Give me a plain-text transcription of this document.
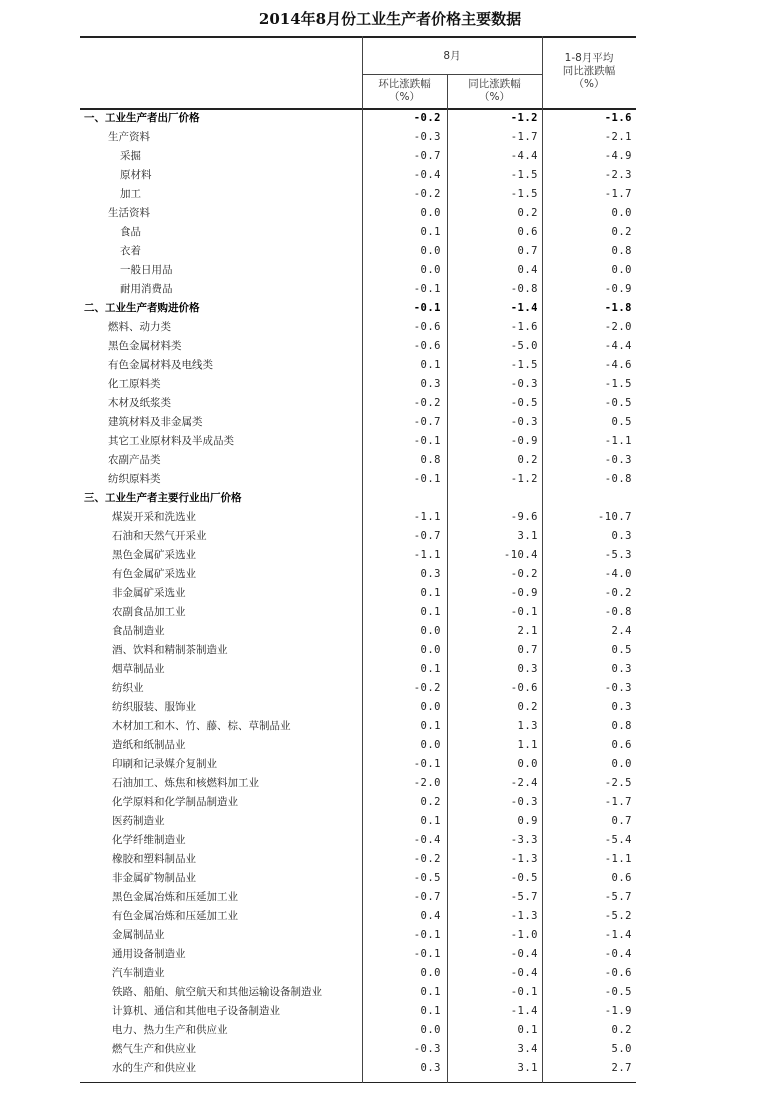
2014年8月份工业生产者价格主要数据
8月
环比涨跌幅
（%）
同比涨跌幅
（%）
1-8月平均
同比涨跌幅
（%）
一、工业生产者出厂价格	-0.2	-1.2	-1.6
生产资料	-0.3	-1.7	-2.1
采掘	-0.7	-4.4	-4.9
原材料	-0.4	-1.5	-2.3
加工	-0.2	-1.5	-1.7
生活资料	0.0	0.2	0.0
食品	0.1	0.6	0.2
衣着	0.0	0.7	0.8
一般日用品	0.0	0.4	0.0
耐用消费品	-0.1	-0.8	-0.9
二、工业生产者购进价格	-0.1	-1.4	-1.8
燃料、动力类	-0.6	-1.6	-2.0
黑色金属材料类	-0.6	-5.0	-4.4
有色金属材料及电线类	0.1	-1.5	-4.6
化工原料类	0.3	-0.3	-1.5
木材及纸浆类	-0.2	-0.5	-0.5
建筑材料及非金属类	-0.7	-0.3	0.5
其它工业原材料及半成品类	-0.1	-0.9	-1.1
农副产品类	0.8	0.2	-0.3
纺织原料类	-0.1	-1.2	-0.8
三、工业生产者主要行业出厂价格
煤炭开采和洗选业	-1.1	-9.6	-10.7
石油和天然气开采业	-0.7	3.1	0.3
黑色金属矿采选业	-1.1	-10.4	-5.3
有色金属矿采选业	0.3	-0.2	-4.0
非金属矿采选业	0.1	-0.9	-0.2
农副食品加工业	0.1	-0.1	-0.8
食品制造业	0.0	2.1	2.4
酒、饮料和精制茶制造业	0.0	0.7	0.5
烟草制品业	0.1	0.3	0.3
纺织业	-0.2	-0.6	-0.3
纺织服装、服饰业	0.0	0.2	0.3
木材加工和木、竹、藤、棕、草制品业	0.1	1.3	0.8
造纸和纸制品业	0.0	1.1	0.6
印刷和记录媒介复制业	-0.1	0.0	0.0
石油加工、炼焦和核燃料加工业	-2.0	-2.4	-2.5
化学原料和化学制品制造业	0.2	-0.3	-1.7
医药制造业	0.1	0.9	0.7
化学纤维制造业	-0.4	-3.3	-5.4
橡胶和塑料制品业	-0.2	-1.3	-1.1
非金属矿物制品业	-0.5	-0.5	0.6
黑色金属冶炼和压延加工业	-0.7	-5.7	-5.7
有色金属冶炼和压延加工业	0.4	-1.3	-5.2
金属制品业	-0.1	-1.0	-1.4
通用设备制造业	-0.1	-0.4	-0.4
汽车制造业	0.0	-0.4	-0.6
铁路、船舶、航空航天和其他运输设备制造业	0.1	-0.1	-0.5
计算机、通信和其他电子设备制造业	0.1	-1.4	-1.9
电力、热力生产和供应业	0.0	0.1	0.2
燃气生产和供应业	-0.3	3.4	5.0
水的生产和供应业	0.3	3.1	2.7
